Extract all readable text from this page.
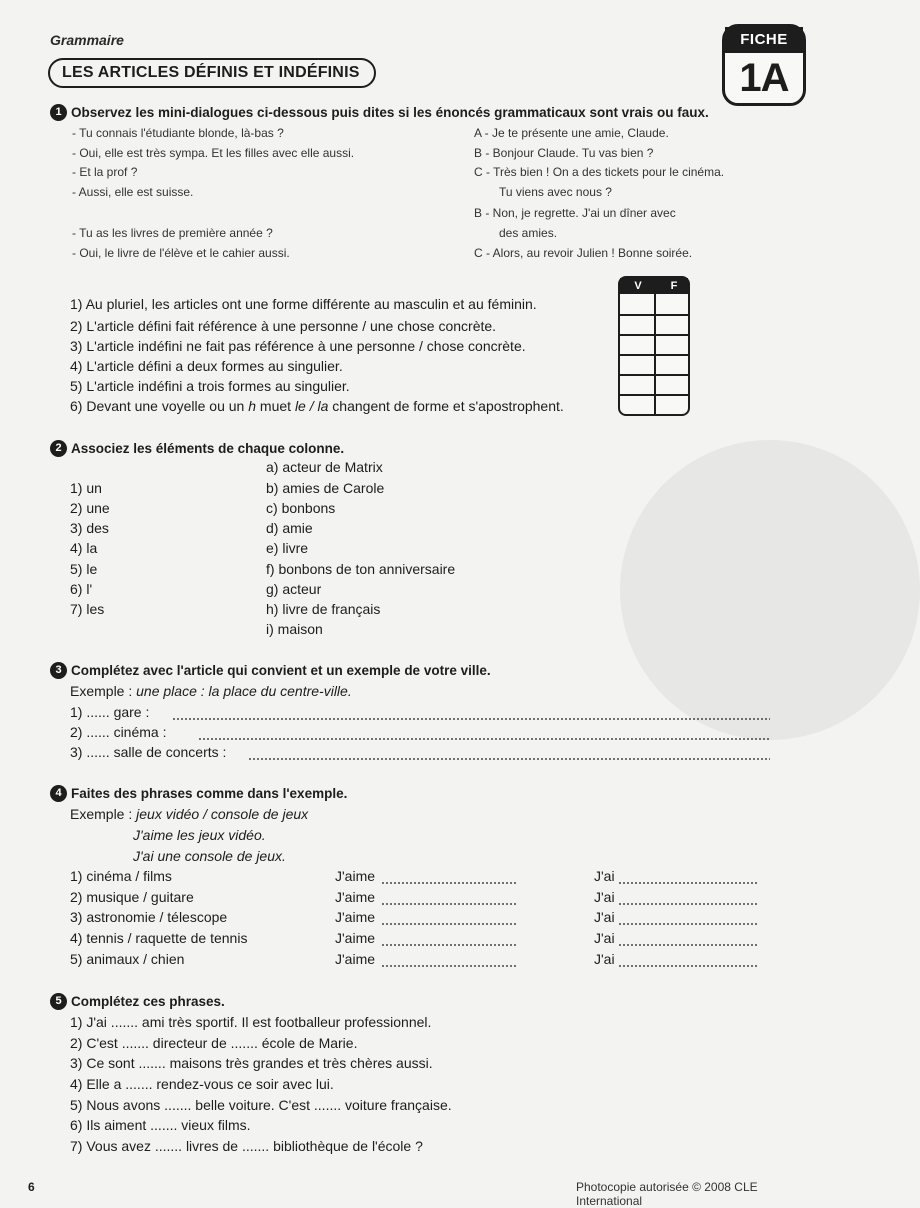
Grammaire
LES ARTICLES DÉFINIS ET INDÉFINIS
FICHE
1A
1 Observez les mini-dialogues ci-dessous puis dites si les énoncés grammaticaux sont vrais ou faux.
- Tu connais l'étudiante blonde, là-bas ?
- Oui, elle est très sympa. Et les filles avec elle aussi.
- Et la prof ?
- Aussi, elle est suisse.
- Tu as les livres de première année ?
- Oui, le livre de l'élève et le cahier aussi.
A - Je te présente une amie, Claude.
B - Bonjour Claude. Tu vas bien ?
C - Très bien ! On a des tickets pour le cinéma.
Tu viens avec nous ?
B - Non, je regrette. J'ai un dîner avec
des amies.
C - Alors, au revoir Julien ! Bonne soirée.
1) Au pluriel, les articles ont une forme différente au masculin et au féminin.
2) L'article défini fait référence à une personne / une chose concrète.
3) L'article indéfini ne fait pas référence à une personne / chose concrète.
4) L'article défini a deux formes au singulier.
5) L'article indéfini a trois formes au singulier.
6) Devant une voyelle ou un h muet le / la changent de forme et s'apostrophent.
V	F
2 Associez les éléments de chaque colonne.
1) un
2) une
3) des
4) la
5) le
6) l'
7) les
a) acteur de Matrix
b) amies de Carole
c) bonbons
d) amie
e) livre
f) bonbons de ton anniversaire
g) acteur
h) livre de français
i) maison
3 Complétez avec l'article qui convient et un exemple de votre ville.
Exemple : une place : la place du centre-ville.
1) ...... gare :
2) ...... cinéma :
3) ...... salle de concerts :
4 Faites des phrases comme dans l'exemple.
Exemple : jeux vidéo / console de jeux
J'aime les jeux vidéo.
J'ai une console de jeux.
1) cinéma / films	J'aime	J'ai
2) musique / guitare	J'aime	J'ai
3) astronomie / télescope	J'aime	J'ai
4) tennis / raquette de tennis	J'aime	J'ai
5) animaux / chien	J'aime	J'ai
5 Complétez ces phrases.
1) J'ai ....... ami très sportif. Il est footballeur professionnel.
2) C'est ....... directeur de ....... école de Marie.
3) Ce sont ....... maisons très grandes et très chères aussi.
4) Elle a ....... rendez-vous ce soir avec lui.
5) Nous avons ....... belle voiture. C'est ....... voiture française.
6) Ils aiment ....... vieux films.
7) Vous avez ....... livres de ....... bibliothèque de l'école ?
6	Photocopie autorisée © 2008 CLE International
